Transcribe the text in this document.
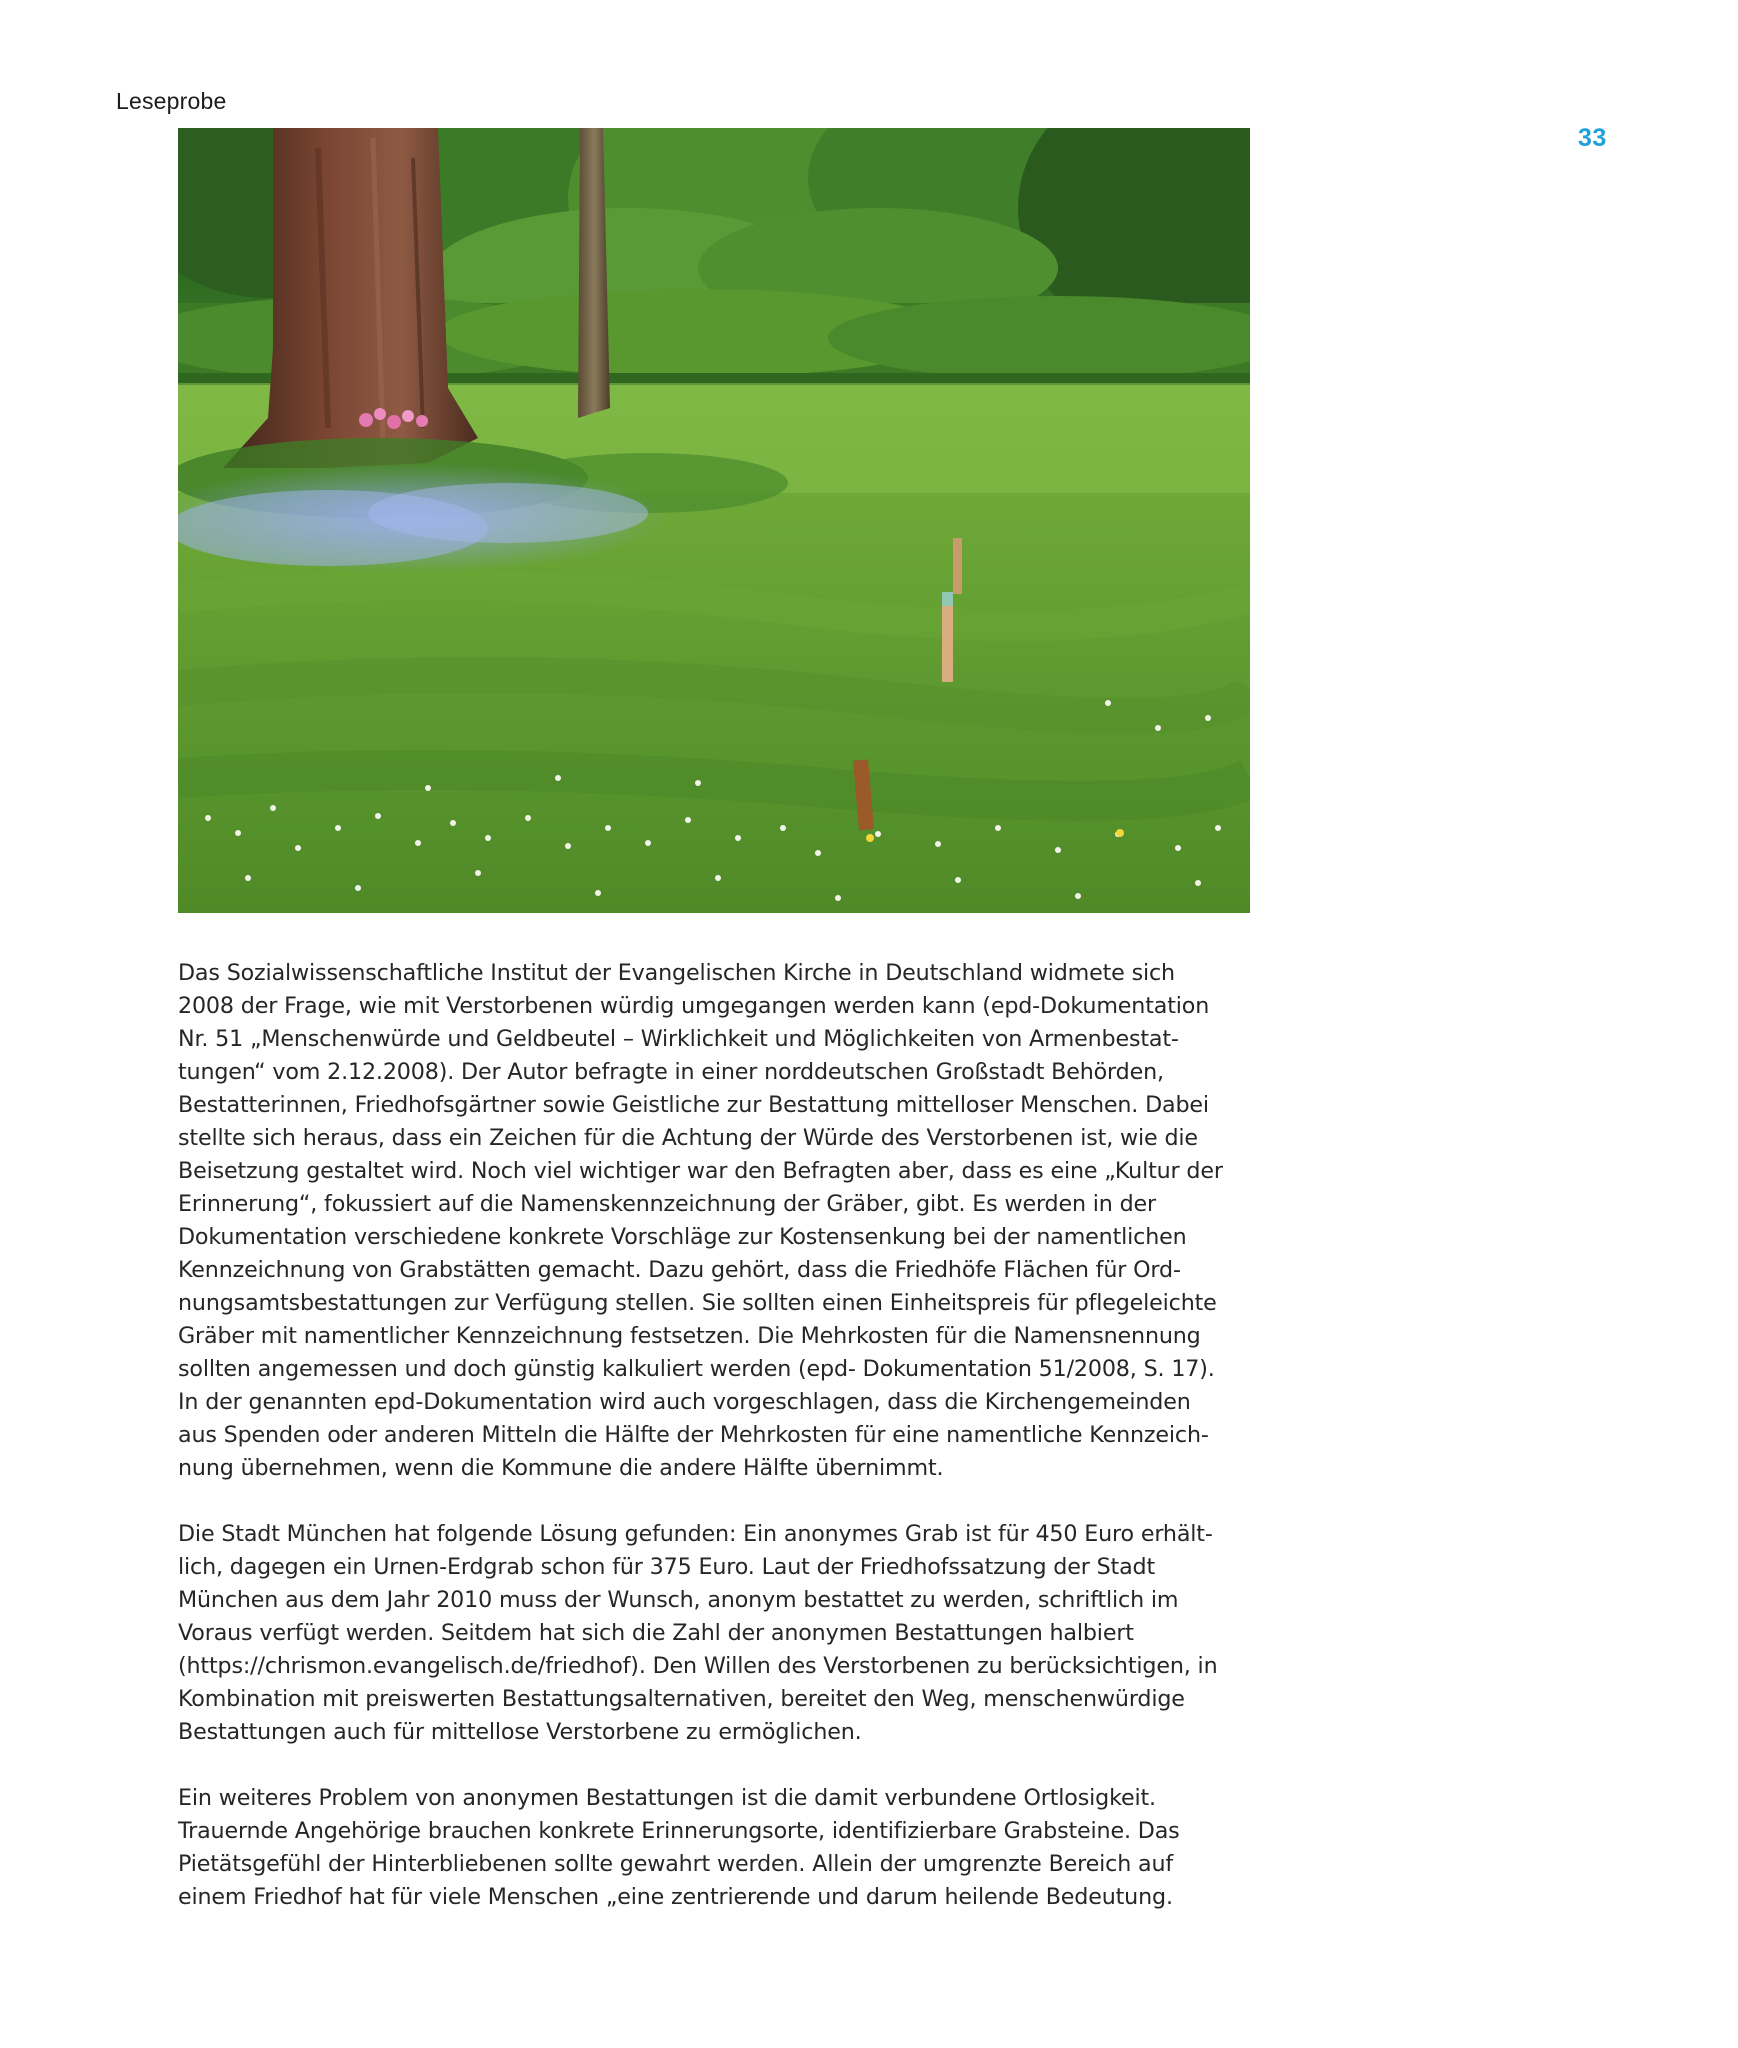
Leseprobe
33
Das Sozialwissenschaftliche Institut der Evangelischen Kirche in Deutschland widmete sich
2008 der Frage, wie mit Verstorbenen würdig umgegangen werden kann (epd-Dokumentation
Nr. 51 „Menschenwürde und Geldbeutel – Wirklichkeit und Möglichkeiten von Armenbestat-
tungen“ vom 2.12.2008). Der Autor befragte in einer norddeutschen Großstadt Behörden,
Bestatterinnen, Friedhofsgärtner sowie Geistliche zur Bestattung mittelloser Menschen. Dabei
stellte sich heraus, dass ein Zeichen für die Achtung der Würde des Verstorbenen ist, wie die
Beisetzung gestaltet wird. Noch viel wichtiger war den Befragten aber, dass es eine „Kultur der
Erinnerung“, fokussiert auf die Namenskennzeichnung der Gräber, gibt. Es werden in der
Dokumentation verschiedene konkrete Vorschläge zur Kostensenkung bei der namentlichen
Kennzeichnung von Grabstätten gemacht. Dazu gehört, dass die Friedhöfe Flächen für Ord-
nungsamtsbestattungen zur Verfügung stellen. Sie sollten einen Einheitspreis für pflegeleichte
Gräber mit namentlicher Kennzeichnung festsetzen. Die Mehrkosten für die Namensnennung
sollten angemessen und doch günstig kalkuliert werden (epd- Dokumentation 51/2008, S. 17).
In der genannten epd-Dokumentation wird auch vorgeschlagen, dass die Kirchengemeinden
aus Spenden oder anderen Mitteln die Hälfte der Mehrkosten für eine namentliche Kennzeich-
nung übernehmen, wenn die Kommune die andere Hälfte übernimmt.
Die Stadt München hat folgende Lösung gefunden: Ein anonymes Grab ist für 450 Euro erhält-
lich, dagegen ein Urnen-Erdgrab schon für 375 Euro. Laut der Friedhofssatzung der Stadt
München aus dem Jahr 2010 muss der Wunsch, anonym bestattet zu werden, schriftlich im
Voraus verfügt werden. Seitdem hat sich die Zahl der anonymen Bestattungen halbiert
(https://chrismon.evangelisch.de/friedhof). Den Willen des Verstorbenen zu berücksichtigen, in
Kombination mit preiswerten Bestattungsalternativen, bereitet den Weg, menschenwürdige
Bestattungen auch für mittellose Verstorbene zu ermöglichen.
Ein weiteres Problem von anonymen Bestattungen ist die damit verbundene Ortlosigkeit.
Trauernde Angehörige brauchen konkrete Erinnerungsorte, identifizierbare Grabsteine. Das
Pietätsgefühl der Hinterbliebenen sollte gewahrt werden. Allein der umgrenzte Bereich auf
einem Friedhof hat für viele Menschen „eine zentrierende und darum heilende Bedeutung.
